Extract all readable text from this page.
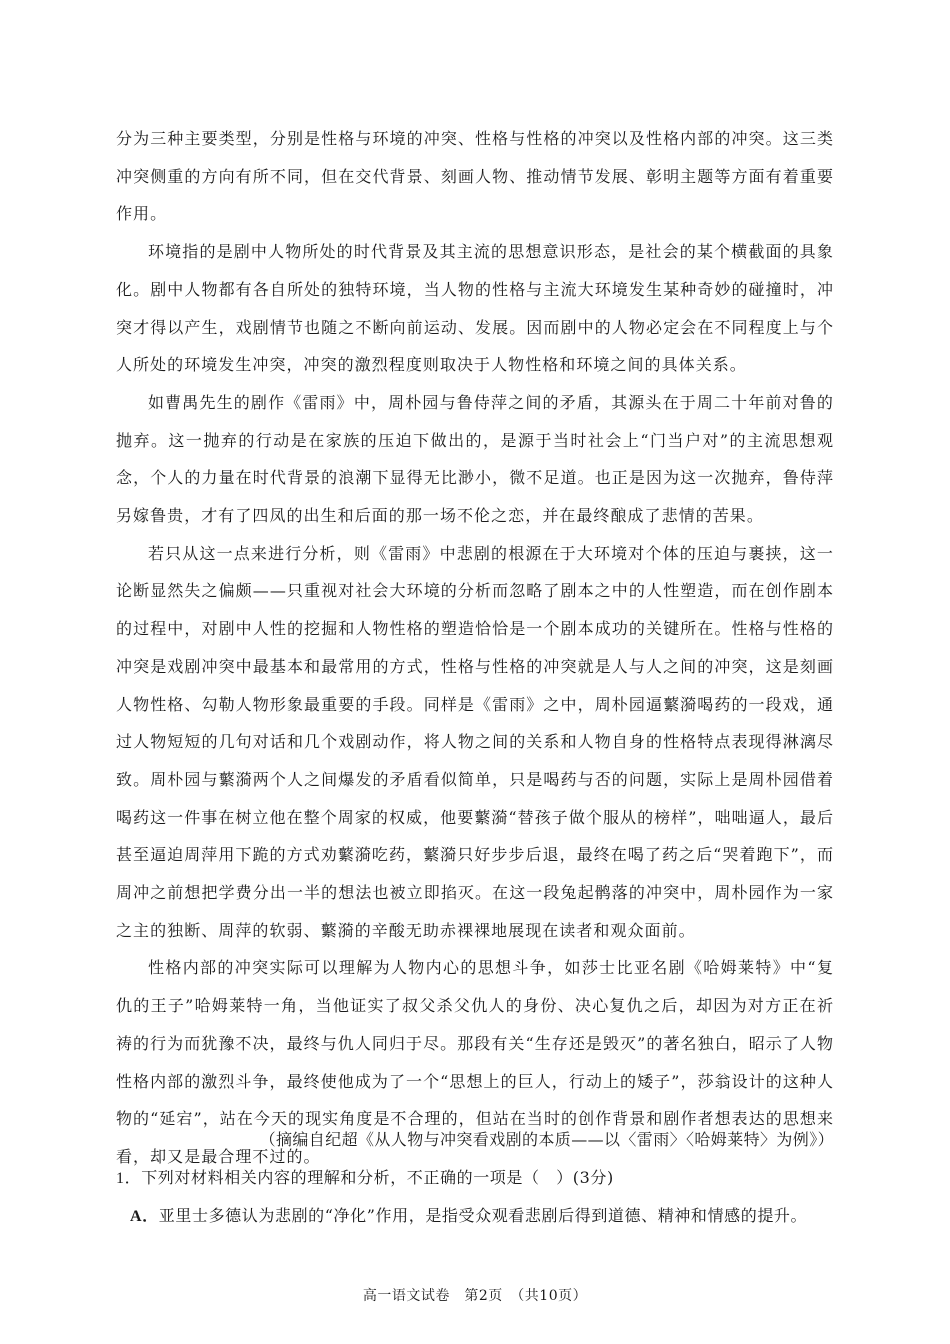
分为三种主要类型，分别是性格与环境的冲突、性格与性格的冲突以及性格内部的冲突。这三类冲突侧重的方向有所不同，但在交代背景、刻画人物、推动情节发展、彰明主题等方面有着重要作用。

环境指的是剧中人物所处的时代背景及其主流的思想意识形态，是社会的某个横截面的具象化。剧中人物都有各自所处的独特环境，当人物的性格与主流大环境发生某种奇妙的碰撞时，冲突才得以产生，戏剧情节也随之不断向前运动、发展。因而剧中的人物必定会在不同程度上与个人所处的环境发生冲突，冲突的激烈程度则取决于人物性格和环境之间的具体关系。

如曹禺先生的剧作《雷雨》中，周朴园与鲁侍萍之间的矛盾，其源头在于周二十年前对鲁的抛弃。这一抛弃的行动是在家族的压迫下做出的，是源于当时社会上“门当户对”的主流思想观念，个人的力量在时代背景的浪潮下显得无比渺小，微不足道。也正是因为这一次抛弃，鲁侍萍另嫁鲁贵，才有了四凤的出生和后面的那一场不伦之恋，并在最终酿成了悲情的苦果。

若只从这一点来进行分析，则《雷雨》中悲剧的根源在于大环境对个体的压迫与裹挟，这一论断显然失之偏颇——只重视对社会大环境的分析而忽略了剧本之中的人性塑造，而在创作剧本的过程中，对剧中人性的挖掘和人物性格的塑造恰恰是一个剧本成功的关键所在。性格与性格的冲突是戏剧冲突中最基本和最常用的方式，性格与性格的冲突就是人与人之间的冲突，这是刻画人物性格、勾勒人物形象最重要的手段。同样是《雷雨》之中，周朴园逼蘩漪喝药的一段戏，通过人物短短的几句对话和几个戏剧动作，将人物之间的关系和人物自身的性格特点表现得淋漓尽致。周朴园与蘩漪两个人之间爆发的矛盾看似简单，只是喝药与否的问题，实际上是周朴园借着喝药这一件事在树立他在整个周家的权威，他要蘩漪“替孩子做个服从的榜样”，咄咄逼人，最后甚至逼迫周萍用下跪的方式劝蘩漪吃药，蘩漪只好步步后退，最终在喝了药之后“哭着跑下”，而周冲之前想把学费分出一半的想法也被立即掐灭。在这一段兔起鹘落的冲突中，周朴园作为一家之主的独断、周萍的软弱、蘩漪的辛酸无助赤裸裸地展现在读者和观众面前。

性格内部的冲突实际可以理解为人物内心的思想斗争，如莎士比亚名剧《哈姆莱特》中“复仇的王子”哈姆莱特一角，当他证实了叔父杀父仇人的身份、决心复仇之后，却因为对方正在祈祷的行为而犹豫不决，最终与仇人同归于尽。那段有关“生存还是毁灭”的著名独白，昭示了人物性格内部的激烈斗争，最终使他成为了一个“思想上的巨人，行动上的矮子”，莎翁设计的这种人物的“延宕”，站在今天的现实角度是不合理的，但站在当时的创作背景和剧作者想表达的思想来看，却又是最合理不过的。

（摘编自纪超《从人物与冲突看戏剧的本质——以〈雷雨〉〈哈姆莱特〉为例》）
1．下列对材料相关内容的理解和分析，不正确的一项是（　）(3分)
A．亚里士多德认为悲剧的“净化”作用，是指受众观看悲剧后得到道德、精神和情感的提升。
高一语文试卷　第2页　（共10页）
